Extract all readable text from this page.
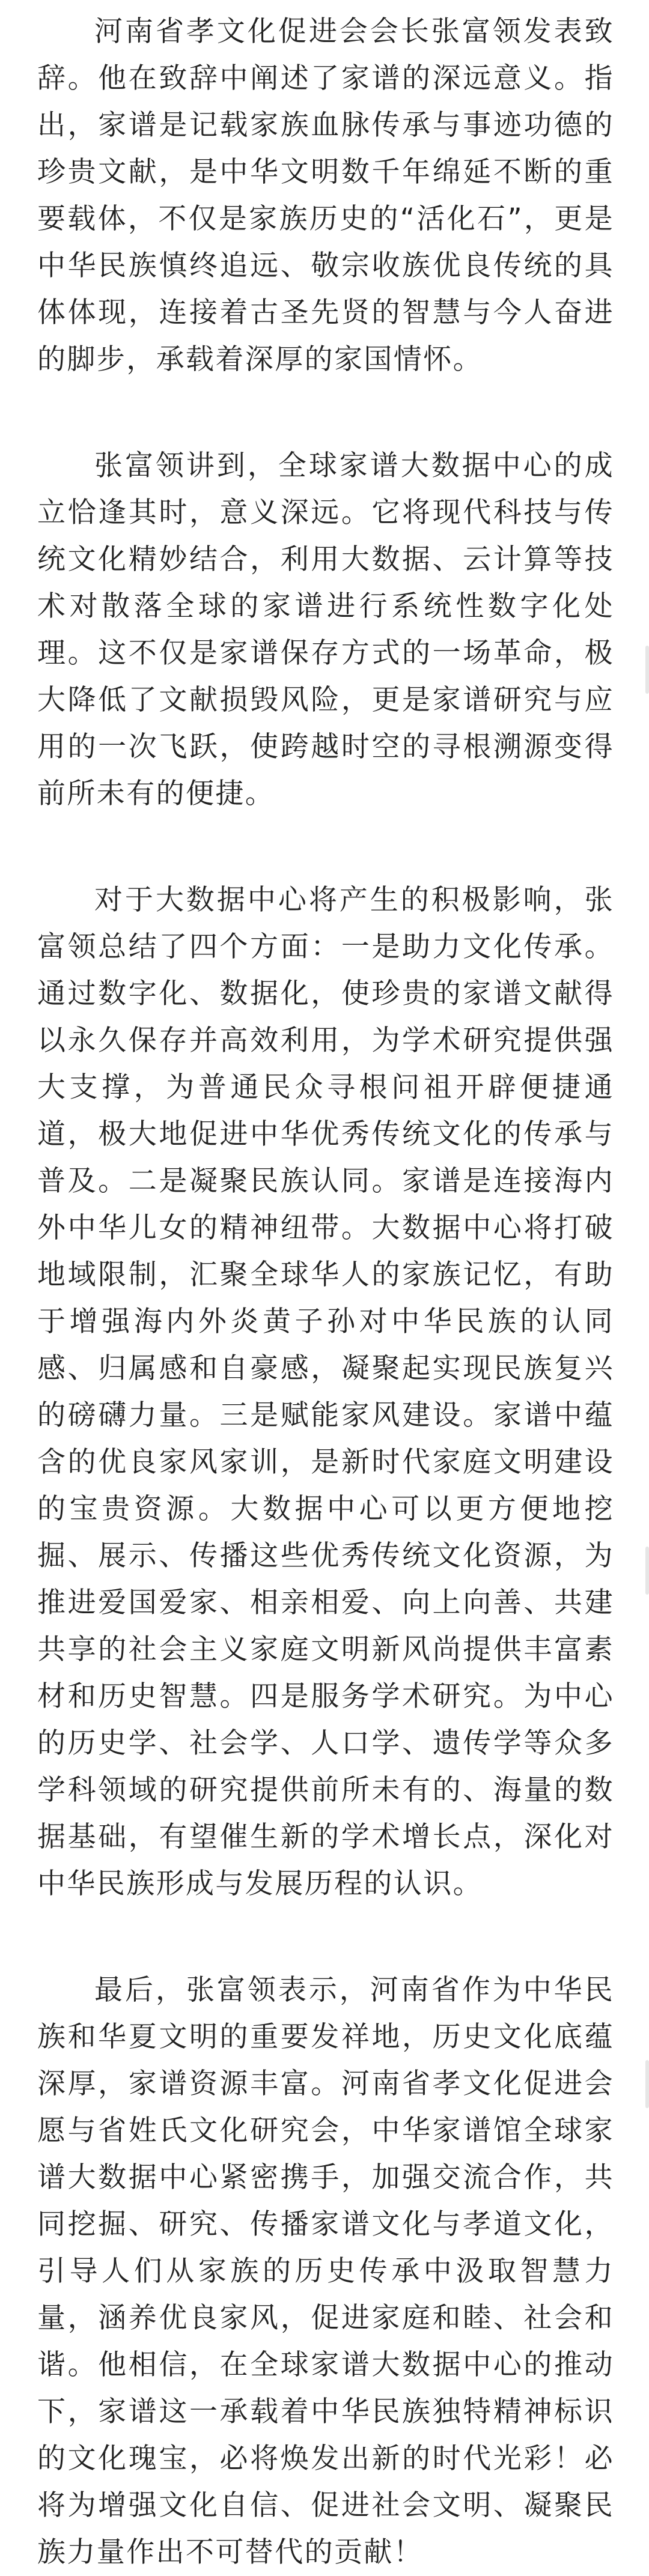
河南省孝文化促进会会长张富领发表致辞。他在致辞中阐述了家谱的深远意义。指出，家谱是记载家族血脉传承与事迹功德的珍贵文献，是中华文明数千年绵延不断的重要载体，不仅是家族历史的“活化石”，更是中华民族慎终追远、敬宗收族优良传统的具体体现，连接着古圣先贤的智慧与今人奋进的脚步，承载着深厚的家国情怀。

张富领讲到，全球家谱大数据中心的成立恰逢其时，意义深远。它将现代科技与传统文化精妙结合，利用大数据、云计算等技术对散落全球的家谱进行系统性数字化处理。这不仅是家谱保存方式的一场革命，极大降低了文献损毁风险，更是家谱研究与应用的一次飞跃，使跨越时空的寻根溯源变得前所未有的便捷。

对于大数据中心将产生的积极影响，张富领总结了四个方面：一是助力文化传承。通过数字化、数据化，使珍贵的家谱文献得以永久保存并高效利用，为学术研究提供强大支撑，为普通民众寻根问祖开辟便捷通道，极大地促进中华优秀传统文化的传承与普及。二是凝聚民族认同。家谱是连接海内外中华儿女的精神纽带。大数据中心将打破地域限制，汇聚全球华人的家族记忆，有助于增强海内外炎黄子孙对中华民族的认同感、归属感和自豪感，凝聚起实现民族复兴的磅礴力量。三是赋能家风建设。家谱中蕴含的优良家风家训，是新时代家庭文明建设的宝贵资源。大数据中心可以更方便地挖掘、展示、传播这些优秀传统文化资源，为推进爱国爱家、相亲相爱、向上向善、共建共享的社会主义家庭文明新风尚提供丰富素材和历史智慧。四是服务学术研究。为中心的历史学、社会学、人口学、遗传学等众多学科领域的研究提供前所未有的、海量的数据基础，有望催生新的学术增长点，深化对中华民族形成与发展历程的认识。

最后，张富领表示，河南省作为中华民族和华夏文明的重要发祥地，历史文化底蕴深厚，家谱资源丰富。河南省孝文化促进会愿与省姓氏文化研究会，中华家谱馆全球家谱大数据中心紧密携手，加强交流合作，共同挖掘、研究、传播家谱文化与孝道文化，引导人们从家族的历史传承中汲取智慧力量，涵养优良家风，促进家庭和睦、社会和谐。他相信，在全球家谱大数据中心的推动下，家谱这一承载着中华民族独特精神标识的文化瑰宝，必将焕发出新的时代光彩！必将为增强文化自信、促进社会文明、凝聚民族力量作出不可替代的贡献！
